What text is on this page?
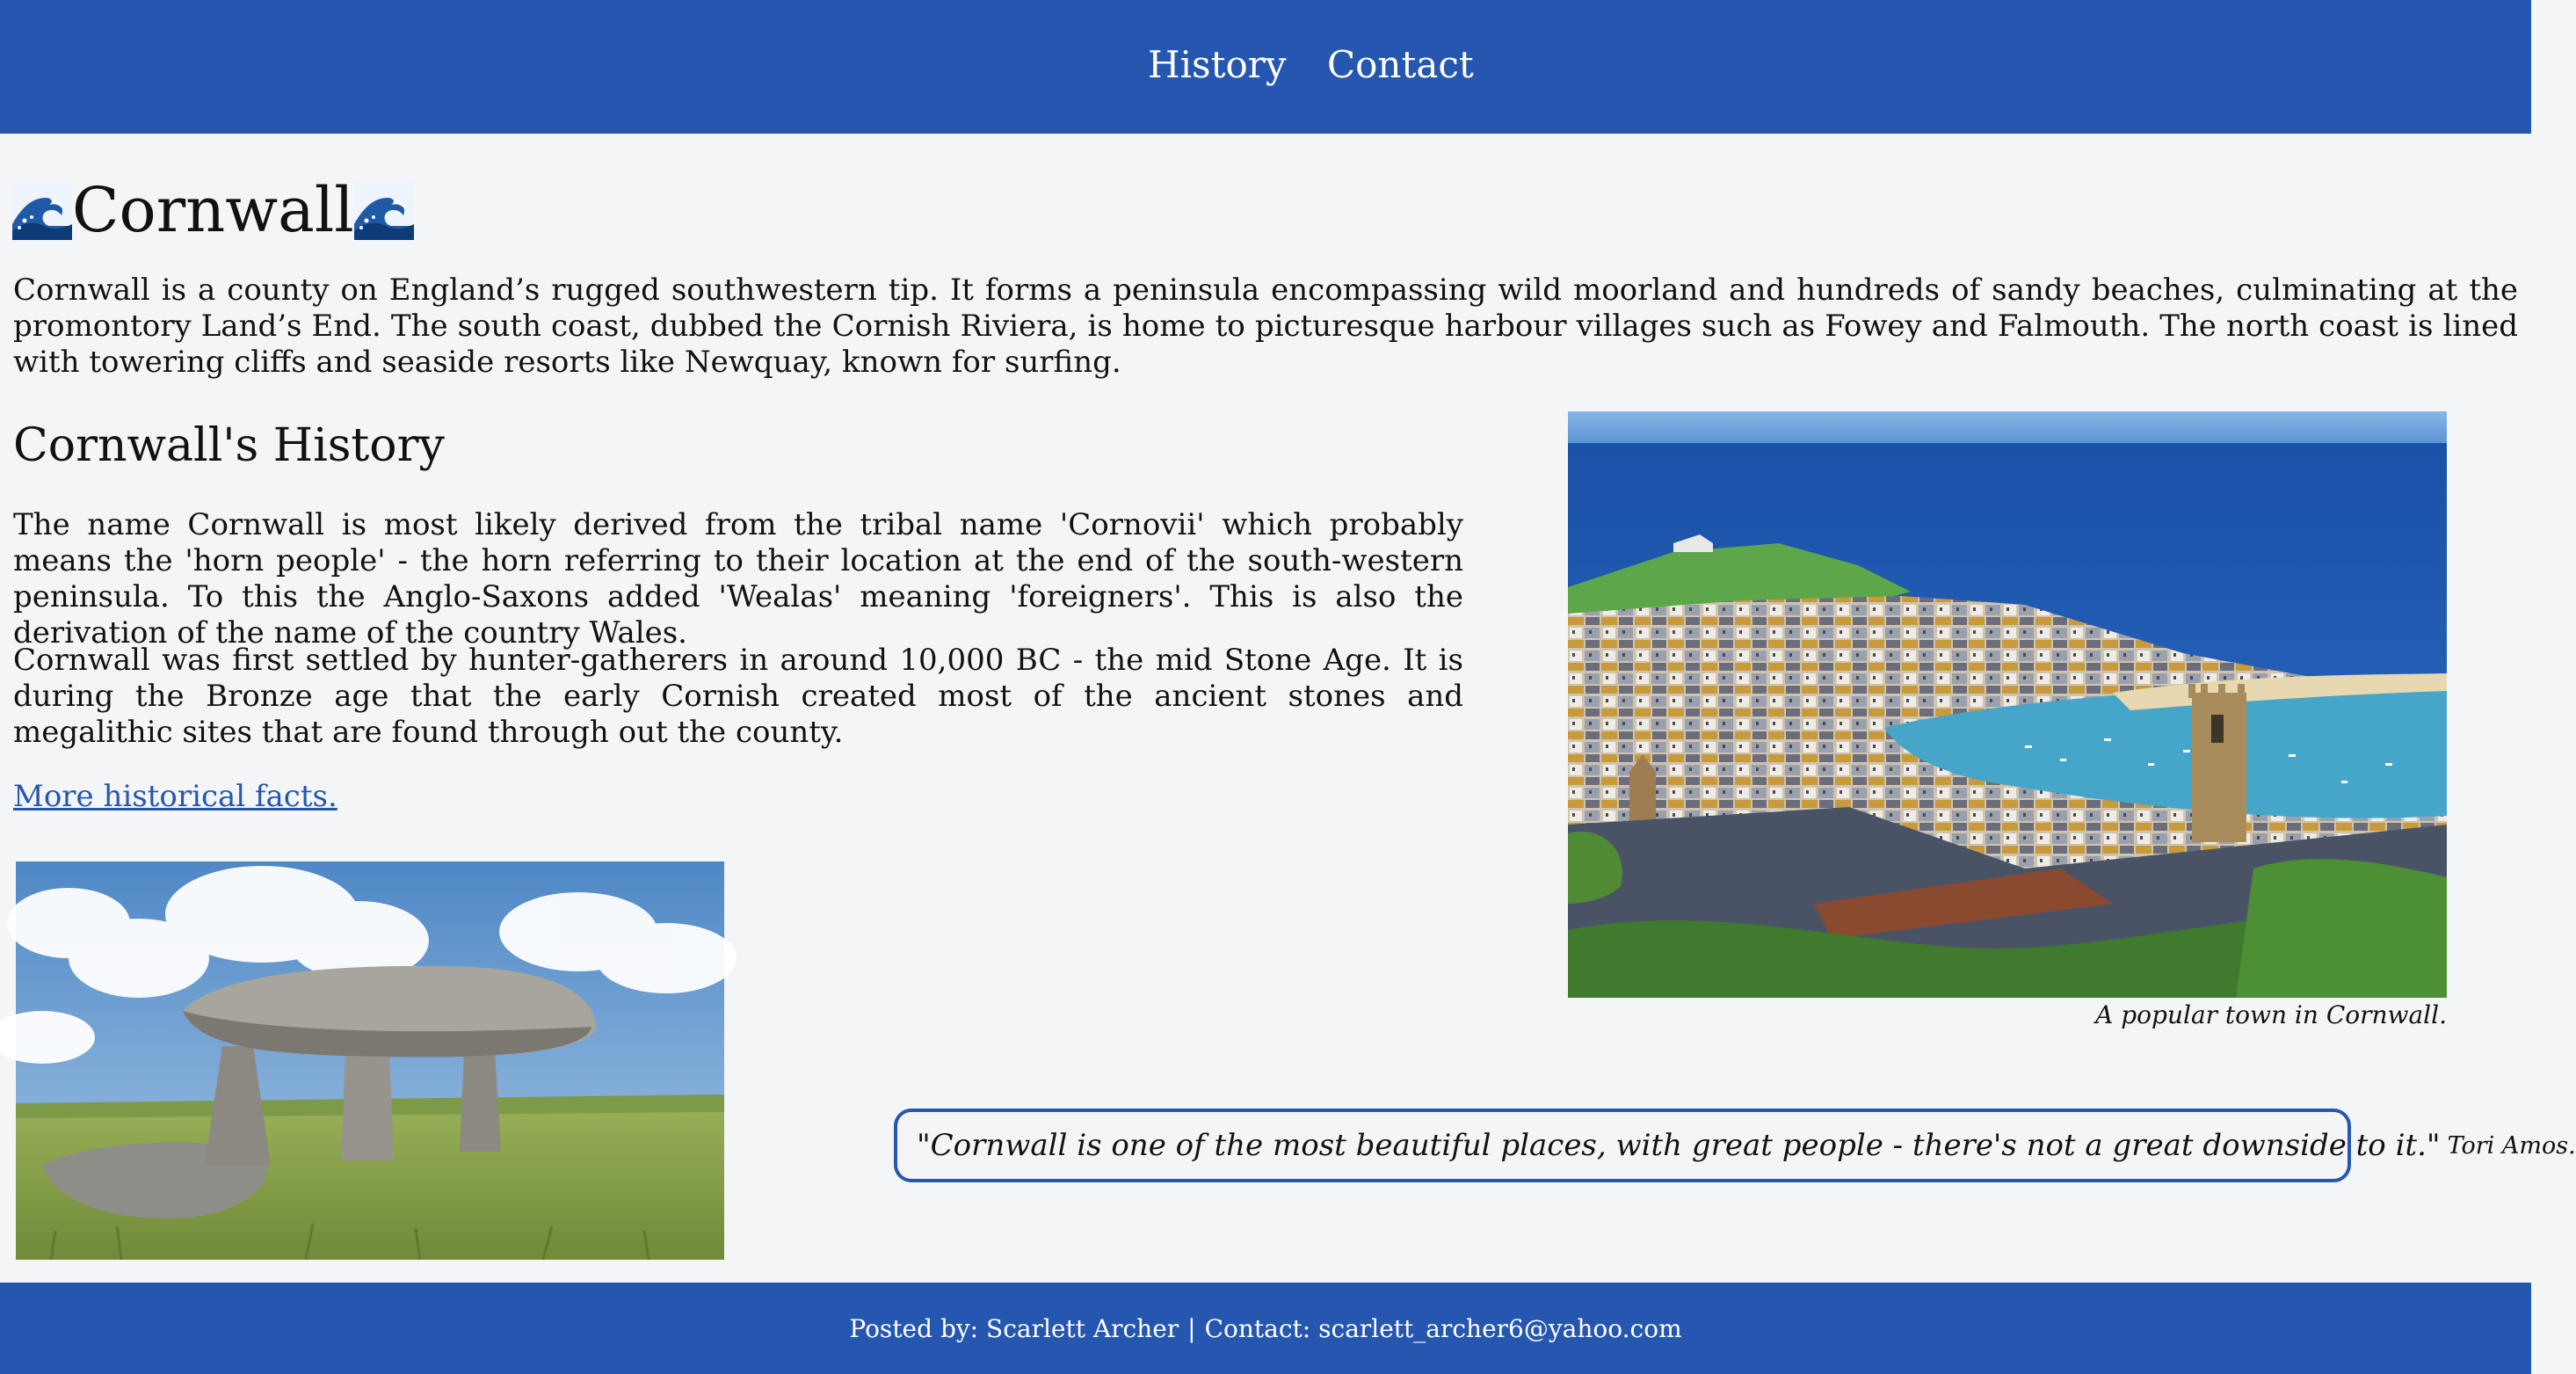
History Contact
Cornwall

Cornwall is a county on England’s rugged southwestern tip. It forms a peninsula encompassing wild moorland and hundreds of sandy beaches, culminating at the promontory Land’s End. The south coast, dubbed the Cornish Riviera, is home to picturesque harbour villages such as Fowey and Falmouth. The north coast is lined with towering cliffs and seaside resorts like Newquay, known for surfing.

Cornwall's History

The name Cornwall is most likely derived from the tribal name 'Cornovii' which probably means the 'horn people' - the horn referring to their location at the end of the south-western peninsula. To this the Anglo-Saxons added 'Wealas' meaning 'foreigners'. This is also the derivation of the name of the country Wales.

Cornwall was first settled by hunter-gatherers in around 10,000 BC - the mid Stone Age. It is during the Bronze age that the early Cornish created most of the ancient stones and megalithic sites that are found through out the county.

More historical facts.
A popular town in Cornwall.
"Cornwall is one of the most beautiful places, with great people - there's not a great downside to it." Tori Amos.
Posted by: Scarlett Archer | Contact: scarlett_archer6@yahoo.com
